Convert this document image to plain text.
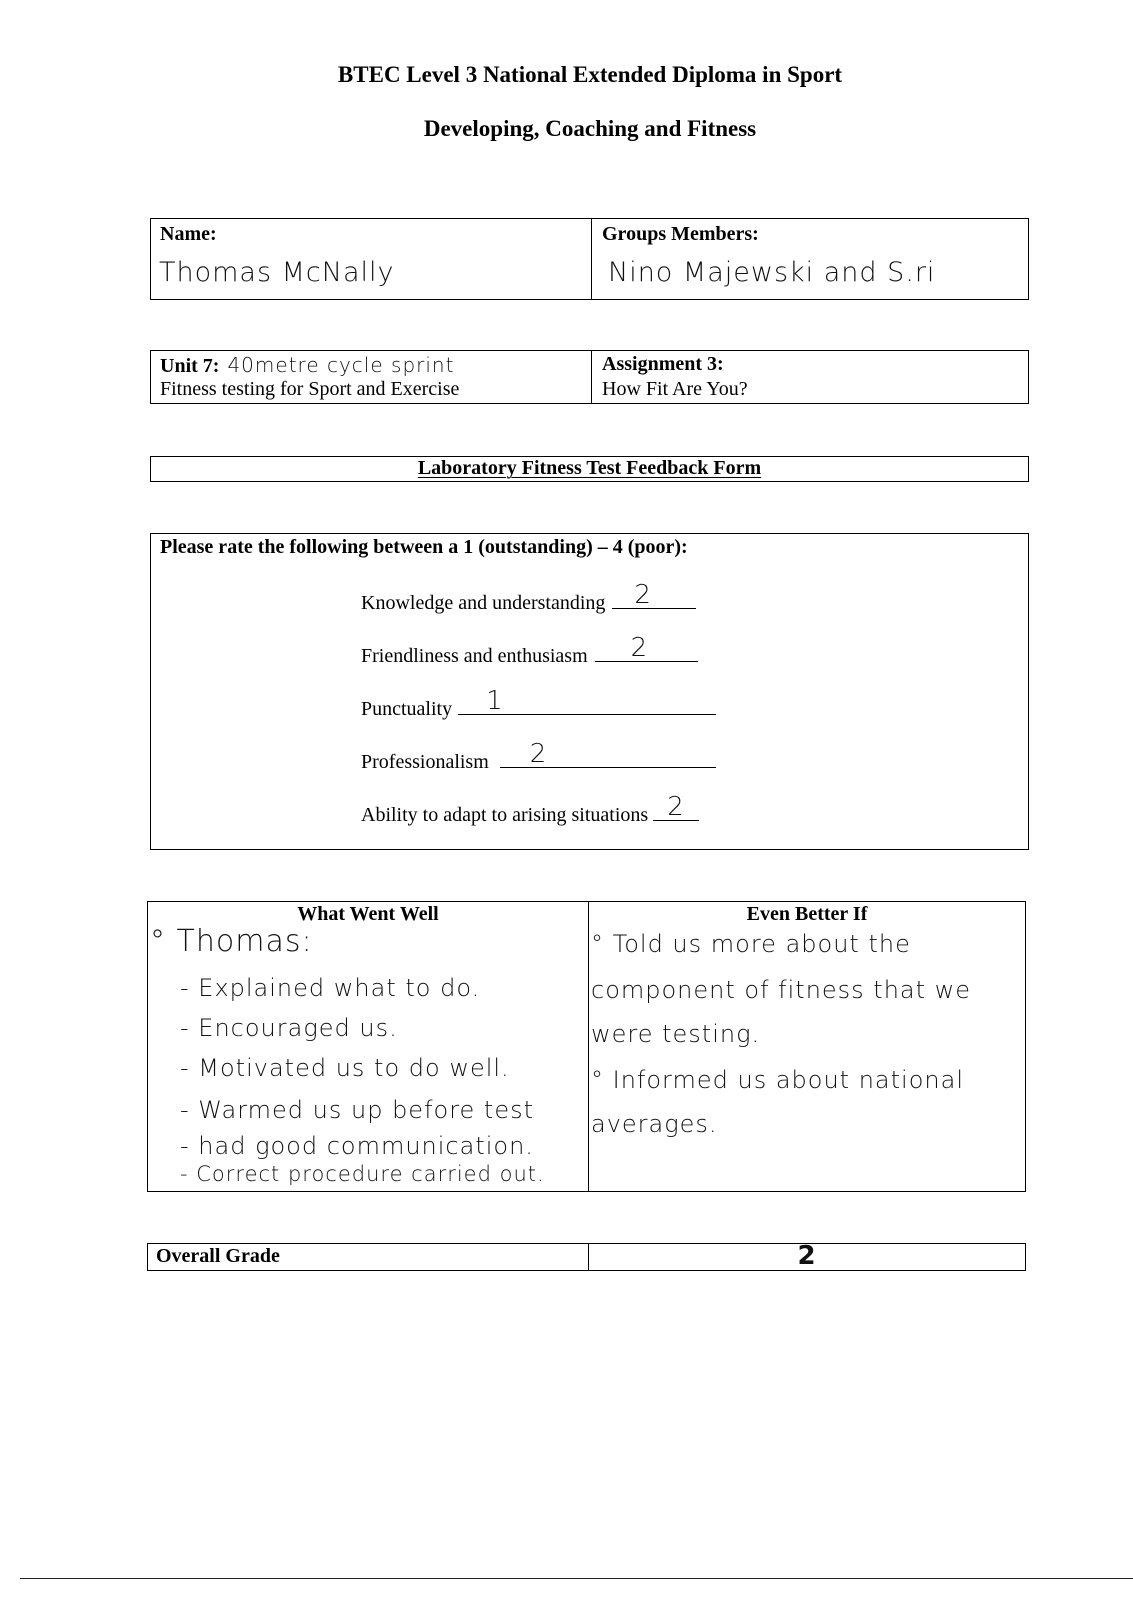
BTEC Level 3 National Extended Diploma in Sport
Developing, Coaching and Fitness
Name:
Thomas McNally
Groups Members:
Nino Majewski and S.ri
Unit 7: 40metre cycle sprint
Fitness testing for Sport and Exercise
Assignment 3:
How Fit Are You?
Laboratory Fitness Test Feedback Form
Please rate the following between a 1 (outstanding) – 4 (poor):
Knowledge and understanding 2
Friendliness and enthusiasm 2
Punctuality 1
Professionalism 2
Ability to adapt to arising situations 2
What Went Well
° Thomas:
- Explained what to do.
- Encouraged us.
- Motivated us to do well.
- Warmed us up before test
- had good communication.
- Correct procedure carried out.
Even Better If
° Told us more about the
component of fitness that we
were testing.
° Informed us about national
averages.
Overall Grade	2
